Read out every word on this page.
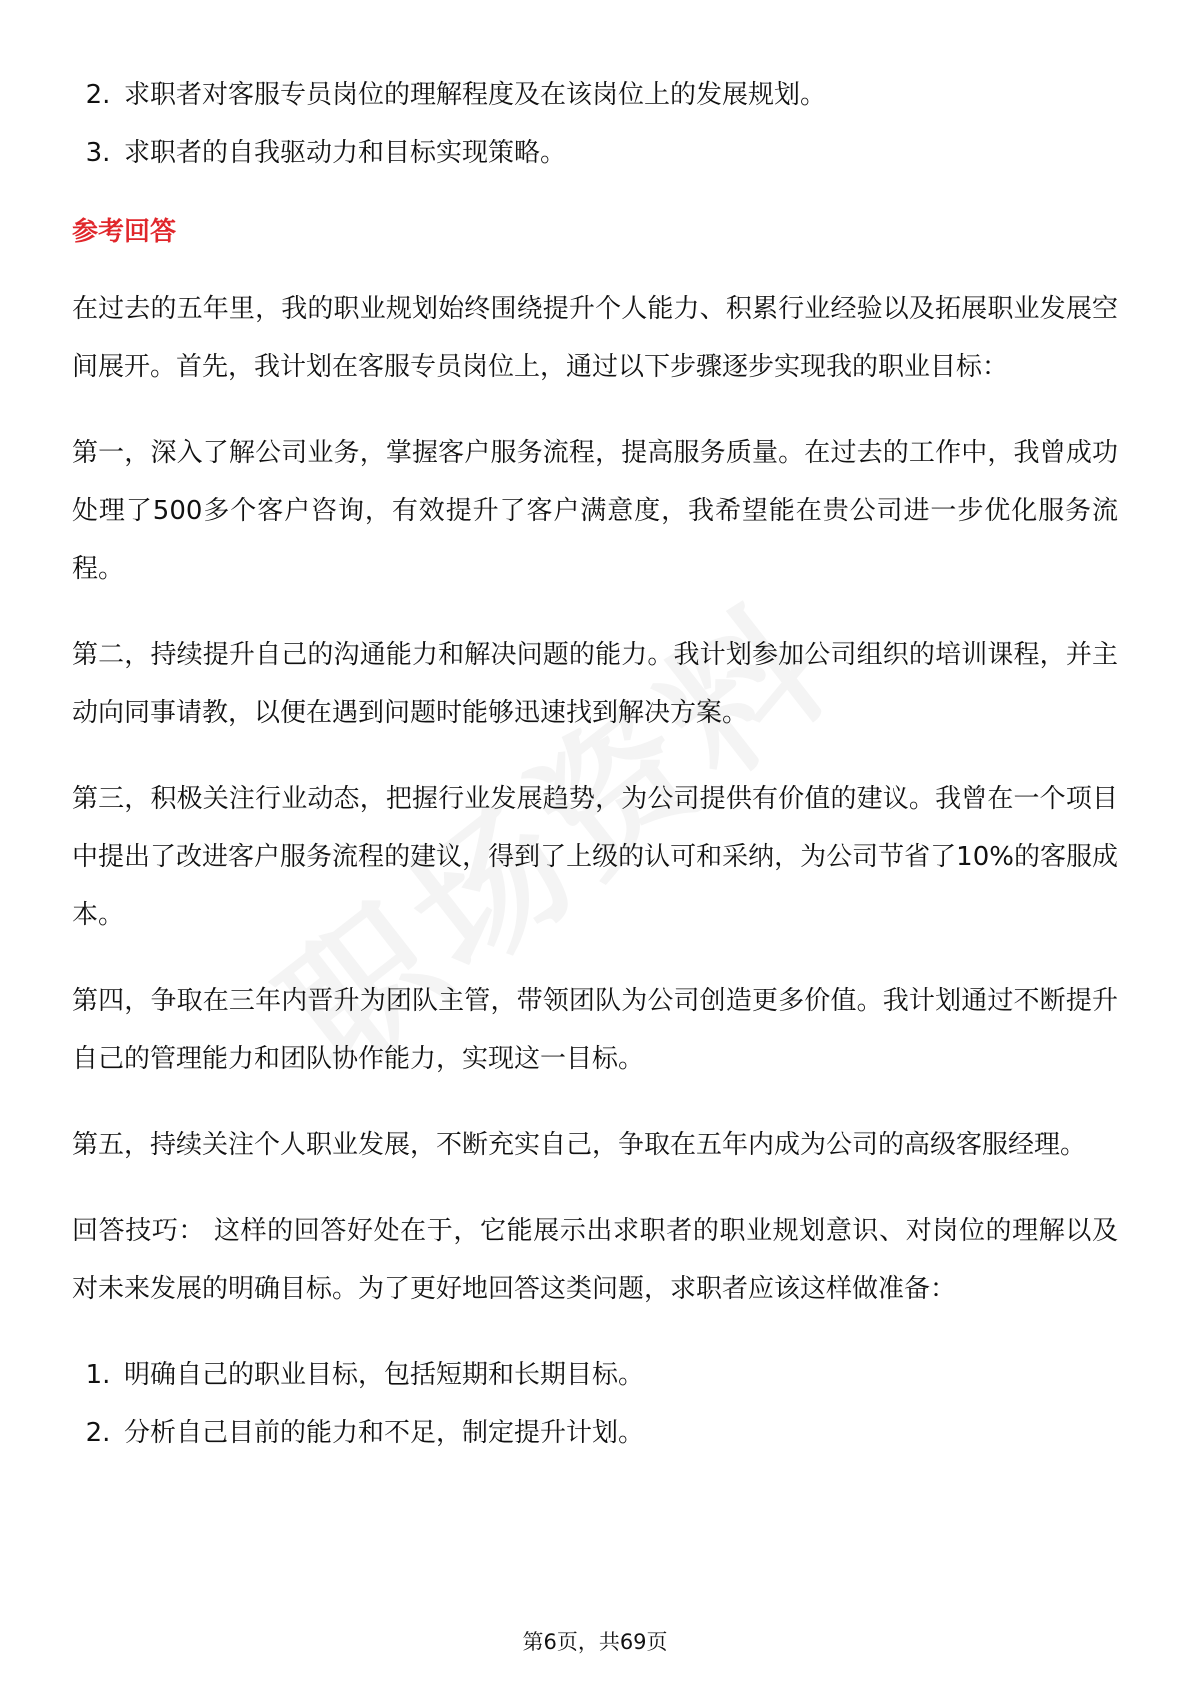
2. 求职者对客服专员岗位的理解程度及在该岗位上的发展规划。
3. 求职者的自我驱动力和目标实现策略。
参考回答

在过去的五年里，我的职业规划始终围绕提升个人能力、积累行业经验以及拓展职业发展空间展开。首先，我计划在客服专员岗位上，通过以下步骤逐步实现我的职业目标：

第一，深入了解公司业务，掌握客户服务流程，提高服务质量。在过去的工作中，我曾成功处理了500多个客户咨询，有效提升了客户满意度，我希望能在贵公司进一步优化服务流程。

第二，持续提升自己的沟通能力和解决问题的能力。我计划参加公司组织的培训课程，并主动向同事请教，以便在遇到问题时能够迅速找到解决方案。

第三，积极关注行业动态，把握行业发展趋势，为公司提供有价值的建议。我曾在一个项目中提出了改进客户服务流程的建议，得到了上级的认可和采纳，为公司节省了10%的客服成本。

第四，争取在三年内晋升为团队主管，带领团队为公司创造更多价值。我计划通过不断提升自己的管理能力和团队协作能力，实现这一目标。

第五，持续关注个人职业发展，不断充实自己，争取在五年内成为公司的高级客服经理。

回答技巧： 这样的回答好处在于，它能展示出求职者的职业规划意识、对岗位的理解以及对未来发展的明确目标。为了更好地回答这类问题，求职者应该这样做准备：

1. 明确自己的职业目标，包括短期和长期目标。
2. 分析自己目前的能力和不足，制定提升计划。
第6页，共69页
